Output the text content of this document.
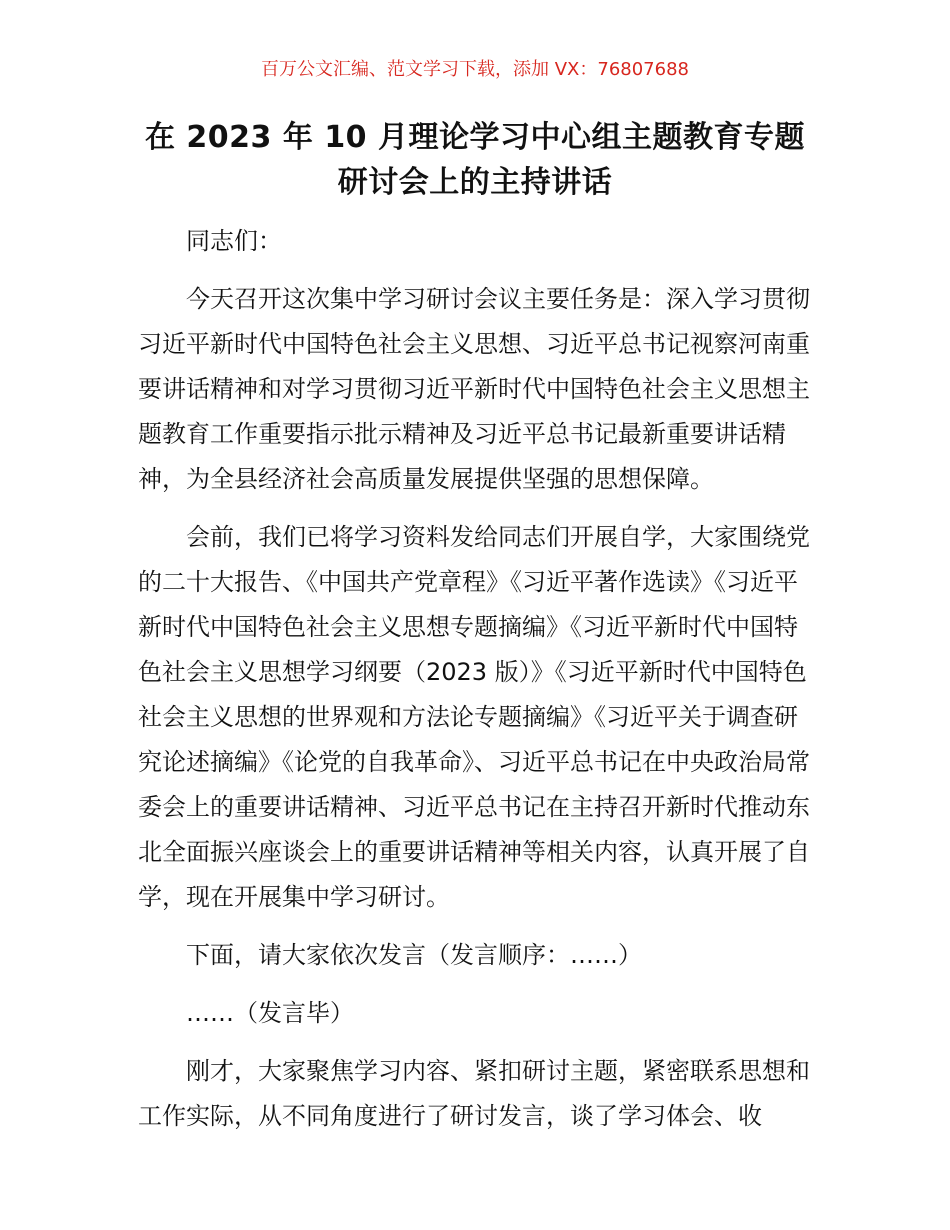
百万公文汇编、范文学习下载，添加 VX：76807688
在 2023 年 10 月理论学习中心组主题教育专题
研讨会上的主持讲话

同志们：

今天召开这次集中学习研讨会议主要任务是：深入学习贯彻习近平新时代中国特色社会主义思想、习近平总书记视察河南重要讲话精神和对学习贯彻习近平新时代中国特色社会主义思想主题教育工作重要指示批示精神及习近平总书记最新重要讲话精神，为全县经济社会高质量发展提供坚强的思想保障。

会前，我们已将学习资料发给同志们开展自学，大家围绕党的二十大报告、《中国共产党章程》《习近平著作选读》《习近平新时代中国特色社会主义思想专题摘编》《习近平新时代中国特色社会主义思想学习纲要（2023 版）》《习近平新时代中国特色社会主义思想的世界观和方法论专题摘编》《习近平关于调查研究论述摘编》《论党的自我革命》、习近平总书记在中央政治局常委会上的重要讲话精神、习近平总书记在主持召开新时代推动东北全面振兴座谈会上的重要讲话精神等相关内容，认真开展了自学，现在开展集中学习研讨。

下面，请大家依次发言（发言顺序：……）

……（发言毕）

刚才，大家聚焦学习内容、紧扣研讨主题，紧密联系思想和工作实际，从不同角度进行了研讨发言，谈了学习体会、收
